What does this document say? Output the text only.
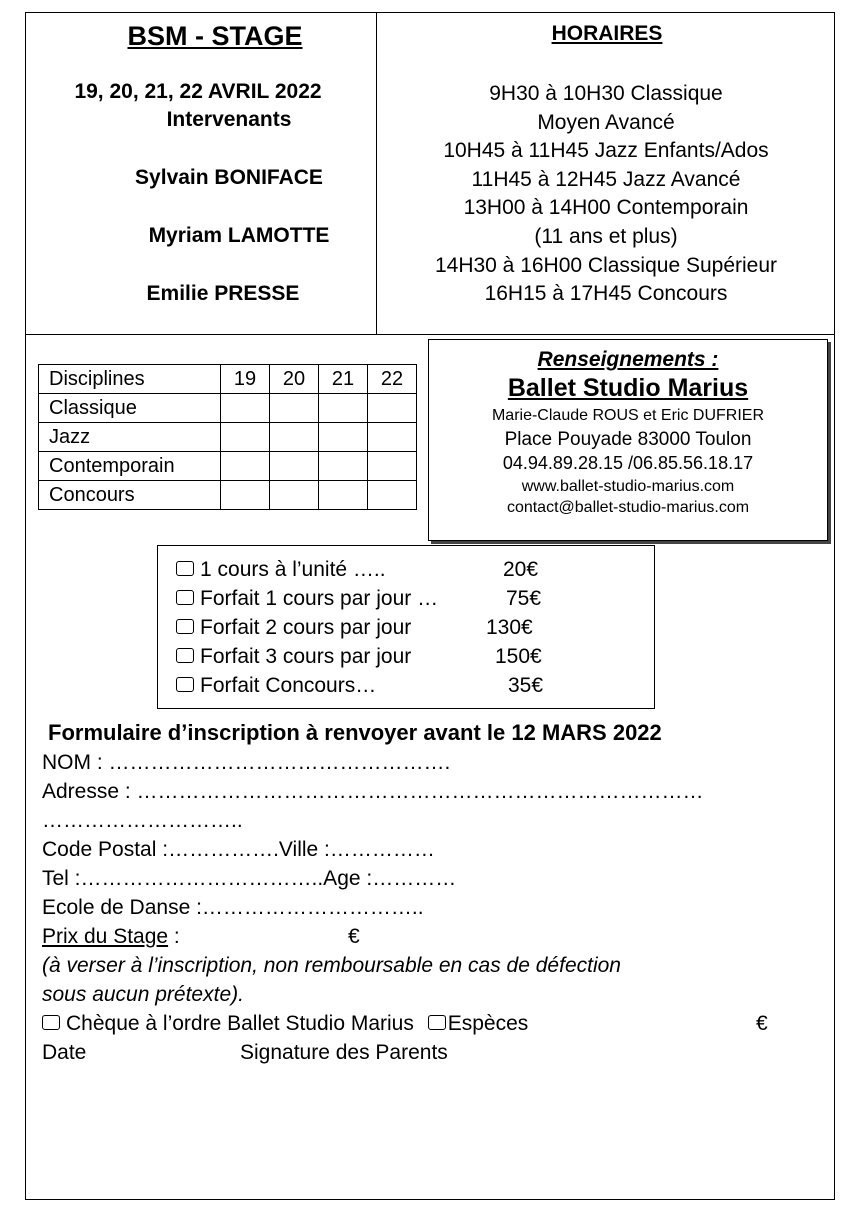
BSM - STAGE
19, 20, 21, 22 AVRIL 2022
Intervenants
Sylvain BONIFACE
Myriam LAMOTTE
Emilie PRESSE
HORAIRES
9H30 à 10H30 Classique
Moyen Avancé
10H45 à 11H45 Jazz Enfants/Ados
11H45 à 12H45 Jazz Avancé
13H00 à 14H00 Contemporain
(11 ans et plus)
14H30 à 16H00 Classique Supérieur
16H15 à 17H45 Concours
Disciplines	19	20	21	22
Classique				
Jazz				
Contemporain				
Concours				
Renseignements :
Ballet Studio Marius
Marie-Claude ROUS et Eric DUFRIER
Place Pouyade 83000 Toulon
04.94.89.28.15 /06.85.56.18.17
www.ballet-studio-marius.com
contact@ballet-studio-marius.com
1 cours à l’unité …..	20€
Forfait 1 cours par jour …	75€
Forfait 2 cours par jour	130€
Forfait 3 cours par jour	150€
Forfait Concours…	35€
Formulaire d’inscription à renvoyer avant le 12 MARS 2022
NOM : ………………………………………….
Adresse : ………………………………………………………………………
………………………..
Code Postal :…………….Ville :……………
Tel :……………………………..Age :…………
Ecole de Danse :…………………………..
Prix du Stage :	€
(à verser à l’inscription, non remboursable en cas de défection
sous aucun prétexte).
Chèque à l’ordre Ballet Studio Marius Espèces	€
Date	Signature des Parents
